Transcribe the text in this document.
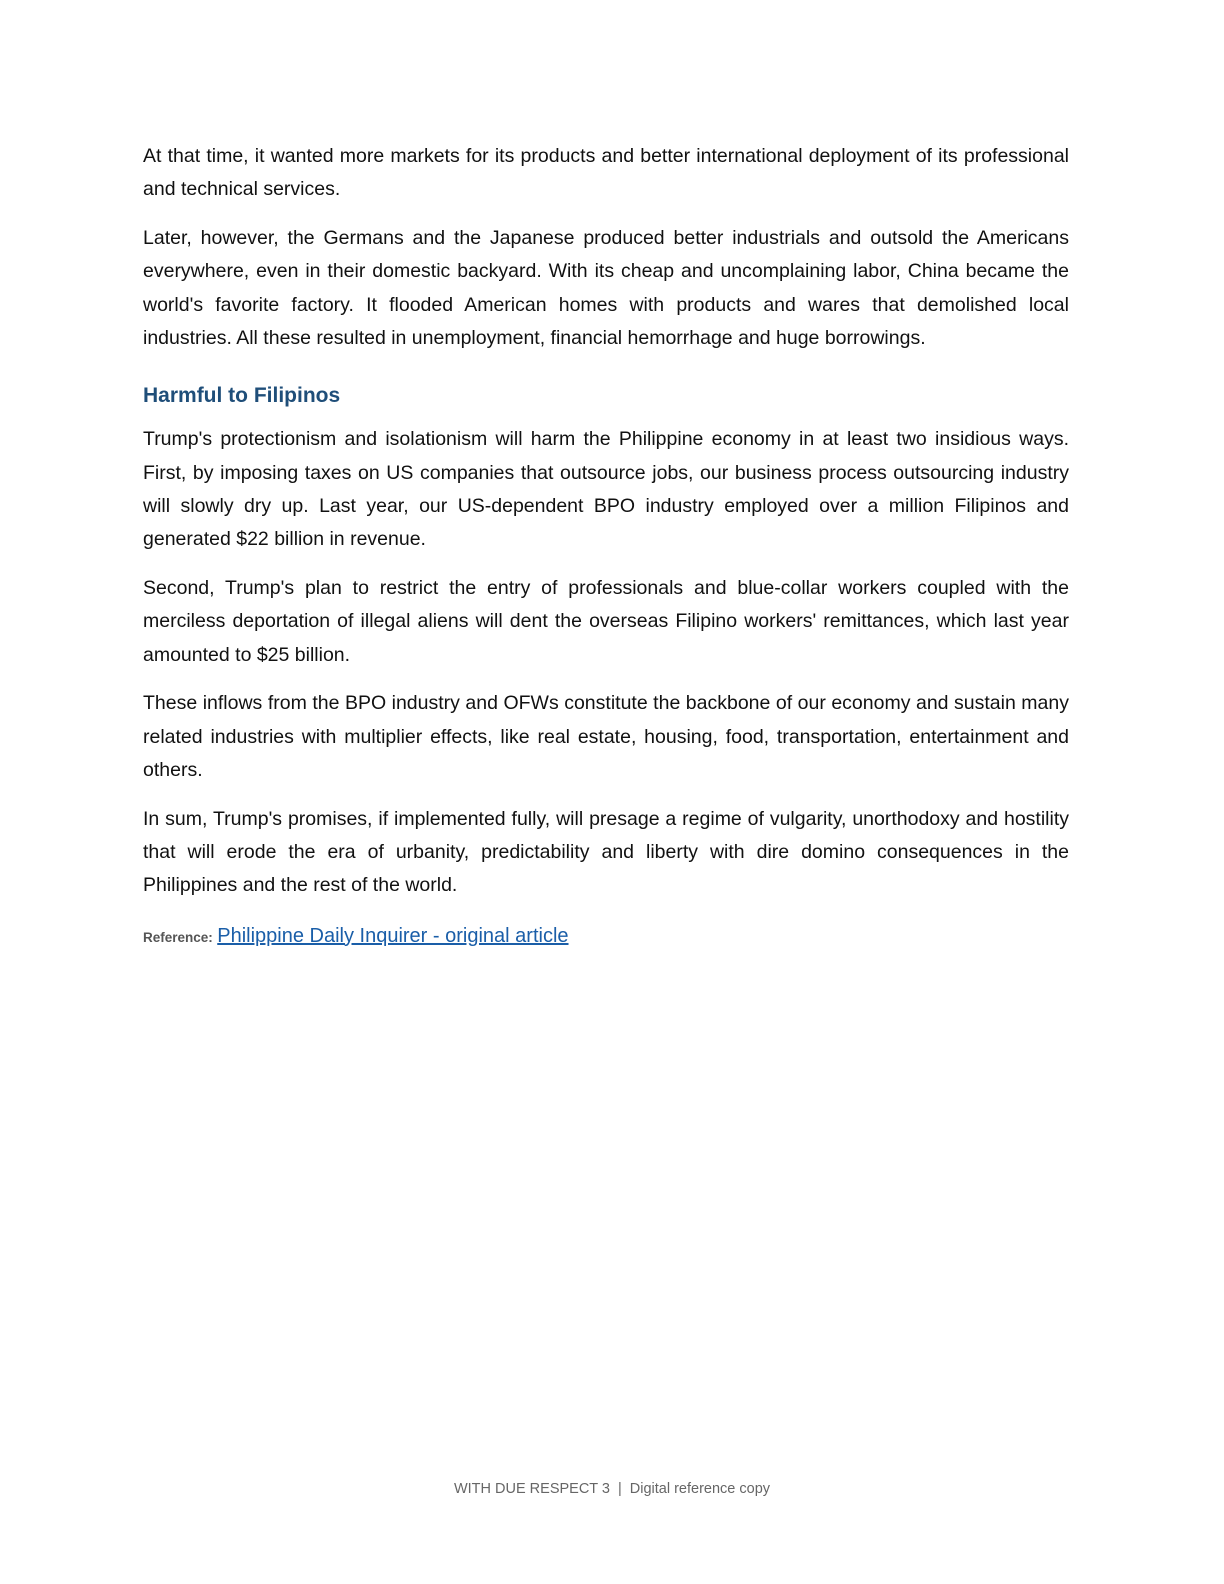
At that time, it wanted more markets for its products and better international deployment of its professional and technical services.

Later, however, the Germans and the Japanese produced better industrials and outsold the Americans everywhere, even in their domestic backyard. With its cheap and uncomplaining labor, China became the world's favorite factory. It flooded American homes with products and wares that demolished local industries. All these resulted in unemployment, financial hemorrhage and huge borrowings.

Harmful to Filipinos

Trump's protectionism and isolationism will harm the Philippine economy in at least two insidious ways. First, by imposing taxes on US companies that outsource jobs, our business process outsourcing industry will slowly dry up. Last year, our US-dependent BPO industry employed over a million Filipinos and generated $22 billion in revenue.

Second, Trump's plan to restrict the entry of professionals and blue-collar workers coupled with the merciless deportation of illegal aliens will dent the overseas Filipino workers' remittances, which last year amounted to $25 billion.

These inflows from the BPO industry and OFWs constitute the backbone of our economy and sustain many related industries with multiplier effects, like real estate, housing, food, transportation, entertainment and others.

In sum, Trump's promises, if implemented fully, will presage a regime of vulgarity, unorthodoxy and hostility that will erode the era of urbanity, predictability and liberty with dire domino consequences in the Philippines and the rest of the world.

Reference: Philippine Daily Inquirer - original article
WITH DUE RESPECT 3 | Digital reference copy
